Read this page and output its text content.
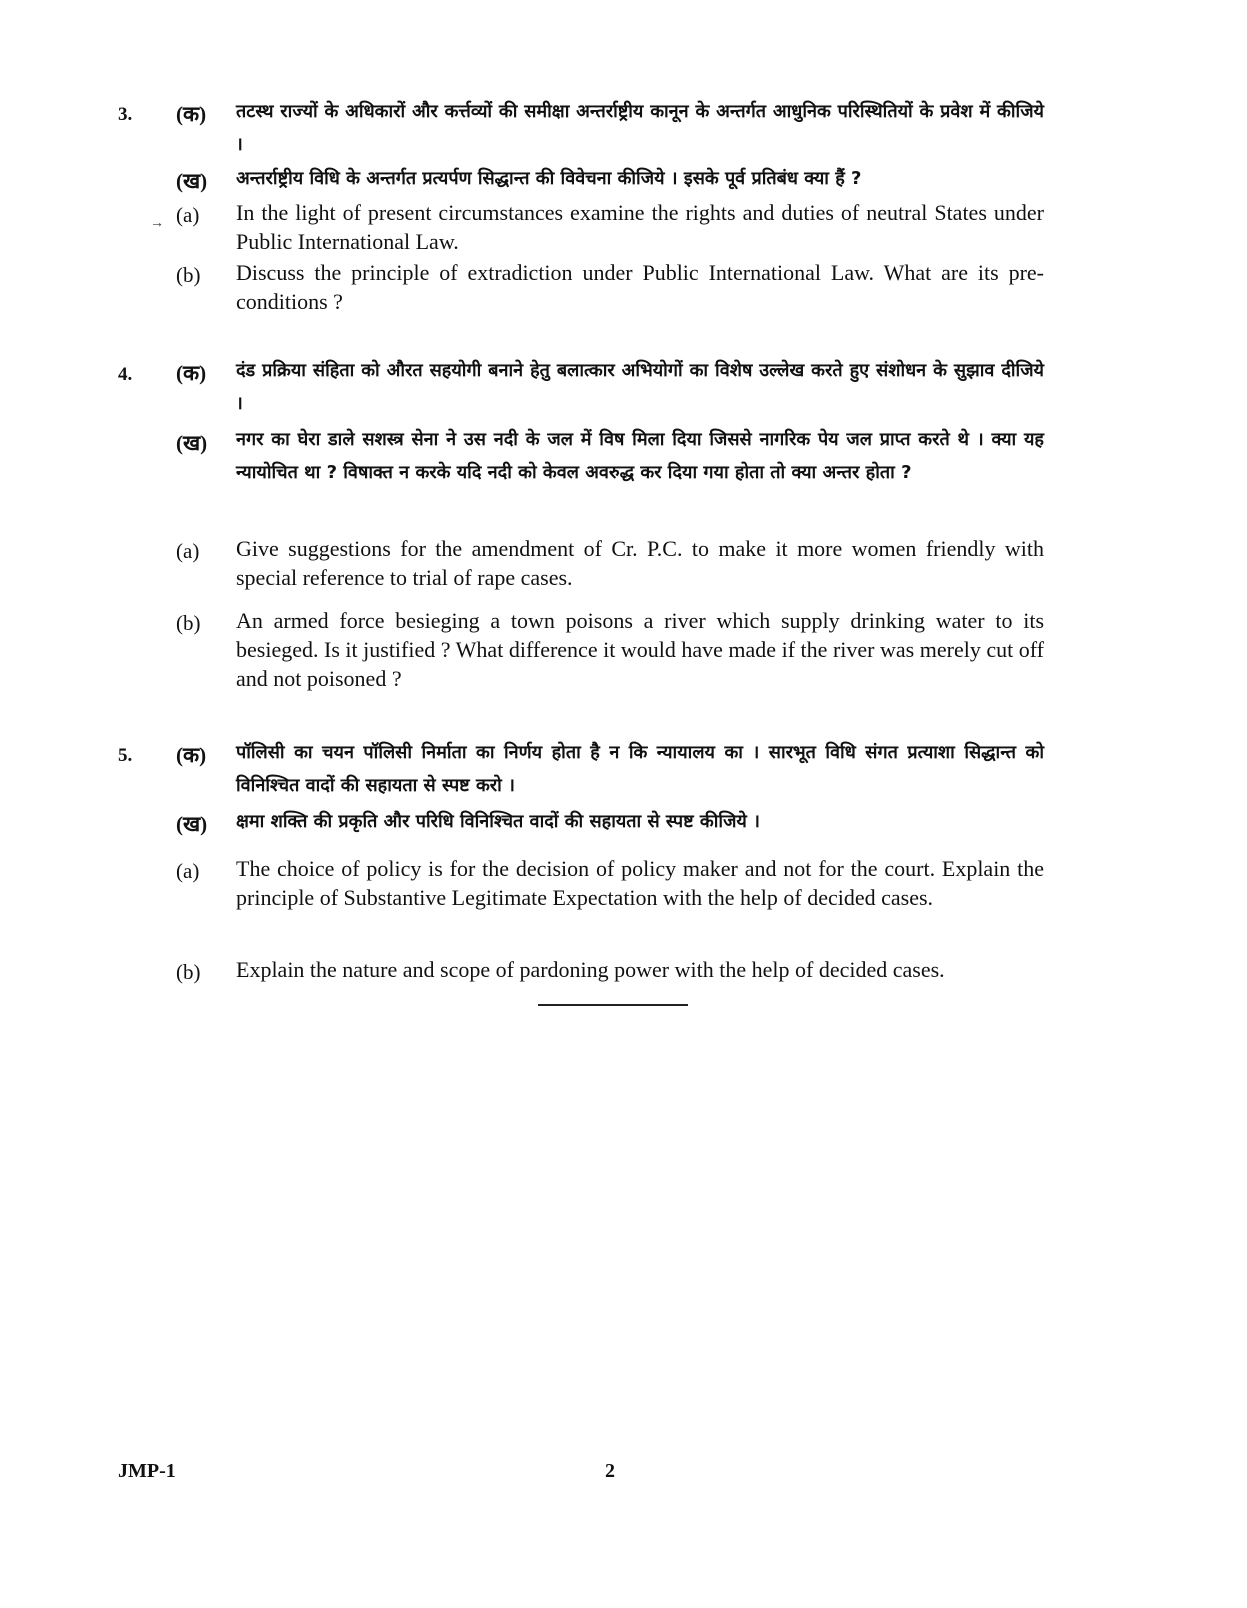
3. (क) तटस्थ राज्यों के अधिकारों और कर्त्तव्यों की समीक्षा अन्तर्राष्ट्रीय कानून के अन्तर्गत आधुनिक परिस्थितियों के प्रवेश में कीजिये ।
(ख) अन्तर्राष्ट्रीय विधि के अन्तर्गत प्रत्यर्पण सिद्धान्त की विवेचना कीजिये । इसके पूर्व प्रतिबंध क्या हैं ?
→ (a) In the light of present circumstances examine the rights and duties of neutral States under Public International Law.
(b) Discuss the principle of extradiction under Public International Law. What are its pre-conditions ?
4. (क) दंड प्रक्रिया संहिता को औरत सहयोगी बनाने हेतु बलात्कार अभियोगों का विशेष उल्लेख करते हुए संशोधन के सुझाव दीजिये ।
(ख) नगर का घेरा डाले सशस्त्र सेना ने उस नदी के जल में विष मिला दिया जिससे नागरिक पेय जल प्राप्त करते थे । क्या यह न्यायोचित था ? विषाक्त न करके यदि नदी को केवल अवरुद्ध कर दिया गया होता तो क्या अन्तर होता ?
(a) Give suggestions for the amendment of Cr. P.C. to make it more women friendly with special reference to trial of rape cases.
(b) An armed force besieging a town poisons a river which supply drinking water to its besieged. Is it justified ? What difference it would have made if the river was merely cut off and not poisoned ?
5. (क) पॉलिसी का चयन पॉलिसी निर्माता का निर्णय होता है न कि न्यायालय का । सारभूत विधि संगत प्रत्याशा सिद्धान्त को विनिश्चित वादों की सहायता से स्पष्ट करो ।
(ख) क्षमा शक्ति की प्रकृति और परिधि विनिश्चित वादों की सहायता से स्पष्ट कीजिये ।
(a) The choice of policy is for the decision of policy maker and not for the court. Explain the principle of Substantive Legitimate Expectation with the help of decided cases.
(b) Explain the nature and scope of pardoning power with the help of decided cases.
JMP-1	2
